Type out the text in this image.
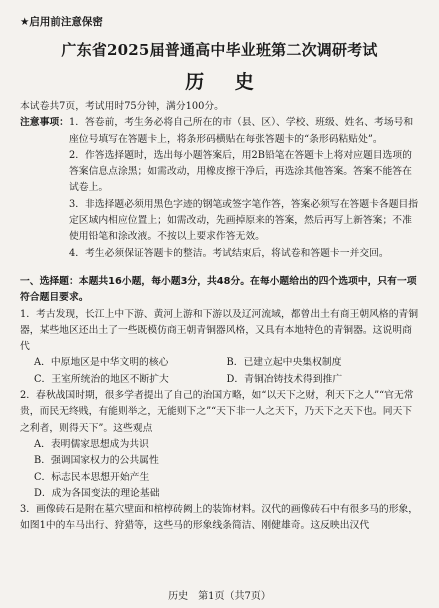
★启用前注意保密
广东省2025届普通高中毕业班第二次调研考试
历 史

本试卷共7页，考试用时75分钟，满分100分。

注意事项： 1．答卷前，考生务必将自己所在的市（县、区）、学校、班级、姓名、考场号和座位号填写在答题卡上，将条形码横贴在每张答题卡的“条形码粘贴处”。
2．作答选择题时，选出每小题答案后，用2B铅笔在答题卡上将对应题目选项的答案信息点涂黑；如需改动，用橡皮擦干净后，再选涂其他答案。答案不能答在试卷上。
3．非选择题必须用黑色字迹的钢笔或签字笔作答，答案必须写在答题卡各题目指定区域内相应位置上；如需改动，先画掉原来的答案，然后再写上新答案；不准使用铅笔和涂改液。不按以上要求作答无效。
4．考生必须保证答题卡的整洁。考试结束后，将试卷和答题卡一并交回。
一、选择题：本题共16小题，每小题3分，共48分。在每小题给出的四个选项中，只有一项符合题目要求。
1．考古发现，长江上中下游、黄河上游和下游以及辽河流域，都曾出土有商王朝风格的青铜器，某些地区还出土了一些既模仿商王朝青铜器风格，又具有本地特色的青铜器。这说明商代
A．中原地区是中华文明的核心	B．已建立起中央集权制度
C．王室所统治的地区不断扩大	D．青铜冶铸技术得到推广
2．春秋战国时期，很多学者提出了自己的治国方略，如“以天下之财，利天下之人”“官无常贵，而民无终贱，有能则举之，无能则下之”“天下非一人之天下，乃天下之天下也。同天下之利者，则得天下”。这些观点
A．表明儒家思想成为共识
B．强调国家权力的公共属性
C．标志民本思想开始产生
D．成为各国变法的理论基础
3．画像砖石是附在墓穴壁面和棺椁砖阙上的装饰材料。汉代的画像砖石中有很多马的形象，如图1中的车马出行、狩猎等，这些马的形象线条简洁、刚健雄奇。这反映出汉代
历史　第1页（共7页）
